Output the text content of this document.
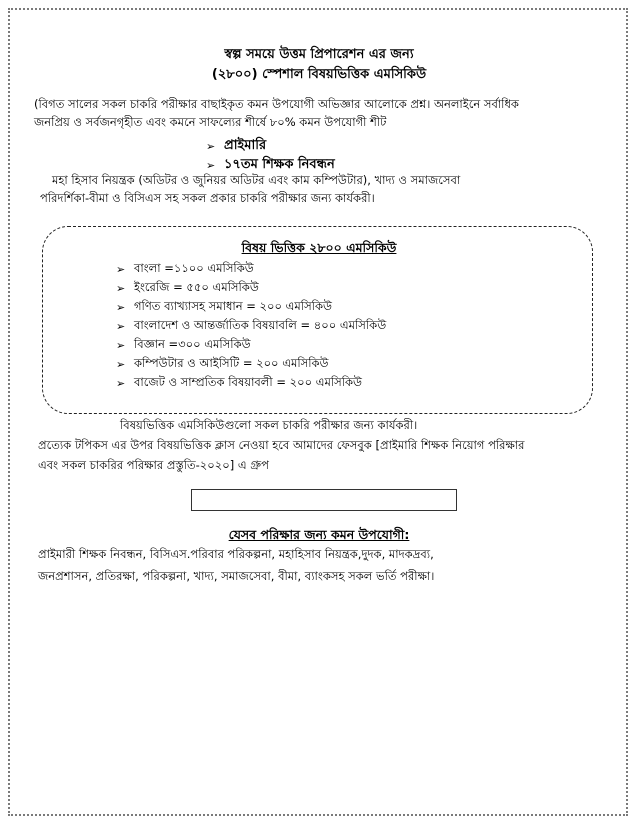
স্বল্প সময়ে উত্তম প্রিপারেশন এর জন্য
(২৮০০) স্পেশাল বিষয়ভিত্তিক এমসিকিউ
(বিগত সালের সকল চাকরি পরীক্ষার বাছাইকৃত কমন উপযোগী অভিজ্ঞার আলোকে প্রশ্ন। অনলাইনে সর্বাধিক
জনপ্রিয় ও সর্বজনগৃহীত এবং কমনে সাফল্যের শীর্ষে ৮০% কমন উপযোগী শীট
➢ প্রাইমারি
➢ ১৭তম শিক্ষক নিবন্ধন
মহা হিসাব নিয়ন্ত্রক (অডিটর ও জুনিয়র অডিটর এবং কাম কম্পিউটার), খাদ্য ও সমাজসেবা
পরিদর্শিকা-বীমা ও বিসিএস সহ সকল প্রকার চাকরি পরীক্ষার জন্য কার্যকরী।
বিষয় ভিত্তিক ২৮০০ এমসিকিউ
➢ বাংলা =১১০০ এমসিকিউ
➢ ইংরেজি = ৫৫০ এমসিকিউ
➢ গণিত ব্যাখ্যাসহ সমাধান = ২০০ এমসিকিউ
➢ বাংলাদেশ ও আন্তর্জাতিক বিষয়াবলি = ৪০০ এমসিকিউ
➢ বিজ্ঞান =৩০০ এমসিকিউ
➢ কম্পিউটার ও আইসিটি = ২০০ এমসিকিউ
➢ বাজেট ও সাম্প্রতিক বিষয়াবলী = ২০০ এমসিকিউ
বিষয়ভিত্তিক এমসিকিউগুলো সকল চাকরি পরীক্ষার জন্য কার্যকরী।
প্রত্যেক টপিকস এর উপর বিষয়ভিত্তিক ক্লাস নেওয়া হবে আমাদের ফেসবুক [প্রাইমারি শিক্ষক নিয়োগ পরিক্ষার
এবং সকল চাকরির পরিক্ষার প্রস্তুতি-২০২০] এ গ্রুপ
যেসব পরিক্ষার জন্য কমন উপযোগী:
প্রাইমারী শিক্ষক নিবন্ধন, বিসিএস.পরিবার পরিকল্পনা, মহাহিসাব নিয়ন্ত্রক,দুদক, মাদকদ্রব্য,
জনপ্রশাসন, প্রতিরক্ষা, পরিকল্পনা, খাদ্য, সমাজসেবা, বীমা, ব্যাংকসহ সকল ভর্তি পরীক্ষা।
